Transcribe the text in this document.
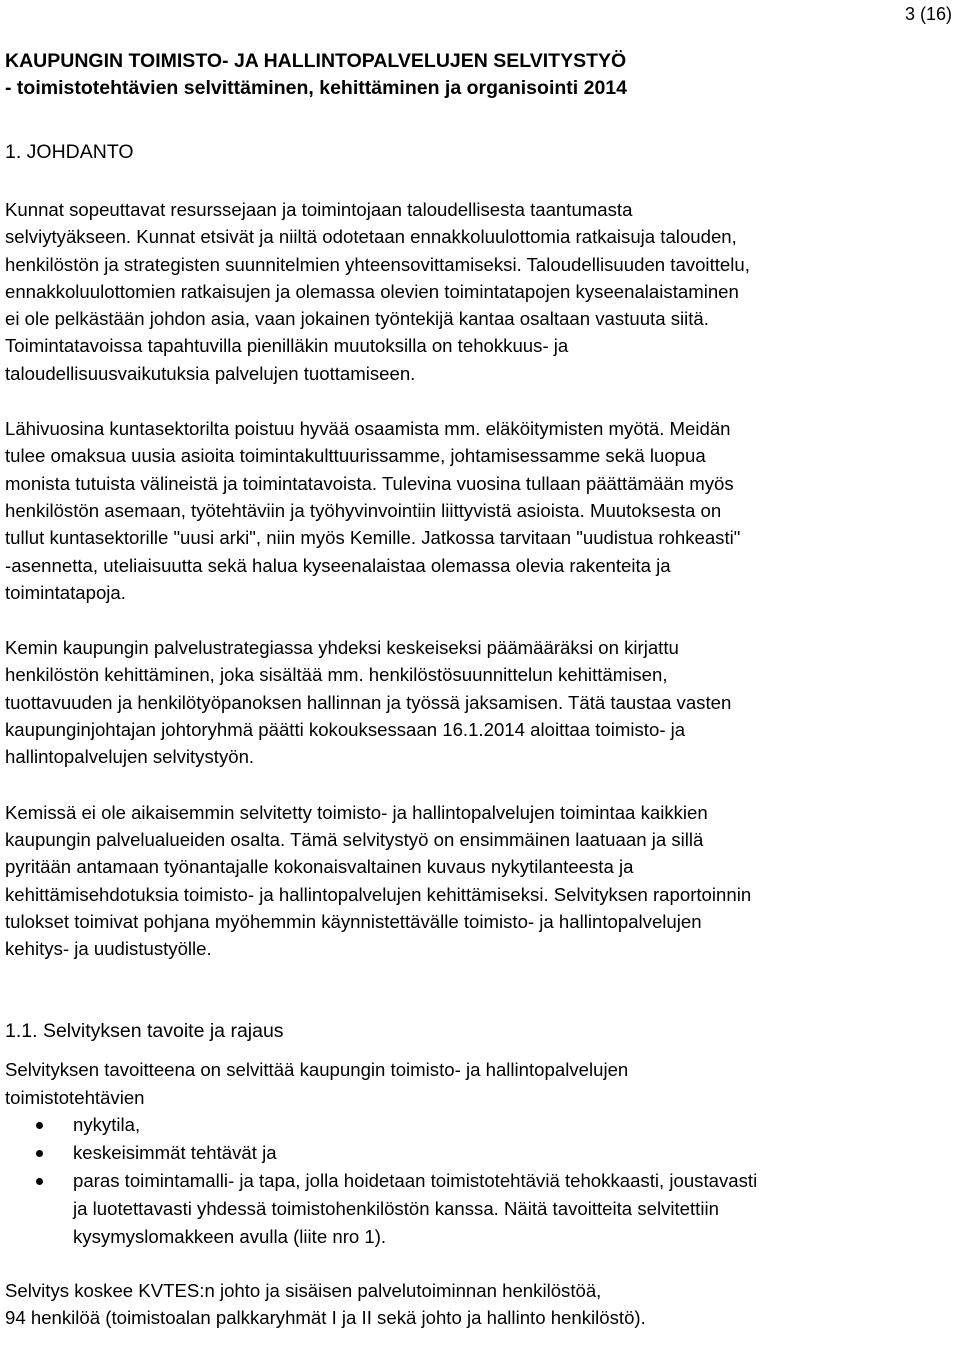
3 (16)
KAUPUNGIN TOIMISTO- JA HALLINTOPALVELUJEN SELVITYSTYÖ
- toimistotehtävien selvittäminen, kehittäminen ja organisointi 2014
1. JOHDANTO

Kunnat sopeuttavat resurssejaan ja toimintojaan taloudellisesta taantumasta
selviytyäkseen. Kunnat etsivät ja niiltä odotetaan ennakkoluulottomia ratkaisuja talouden,
henkilöstön ja strategisten suunnitelmien yhteensovittamiseksi. Taloudellisuuden tavoittelu,
ennakkoluulottomien ratkaisujen ja olemassa olevien toimintatapojen kyseenalaistaminen
ei ole pelkästään johdon asia, vaan jokainen työntekijä kantaa osaltaan vastuuta siitä.
Toimintatavoissa tapahtuvilla pienilläkin muutoksilla on tehokkuus- ja
taloudellisuusvaikutuksia palvelujen tuottamiseen.

Lähivuosina kuntasektorilta poistuu hyvää osaamista mm. eläköitymisten myötä. Meidän
tulee omaksua uusia asioita toimintakulttuurissamme, johtamisessamme sekä luopua
monista tutuista välineistä ja toimintatavoista. Tulevina vuosina tullaan päättämään myös
henkilöstön asemaan, työtehtäviin ja työhyvinvointiin liittyvistä asioista. Muutoksesta on
tullut kuntasektorille "uusi arki", niin myös Kemille. Jatkossa tarvitaan "uudistua rohkeasti"
-asennetta, uteliaisuutta sekä halua kyseenalaistaa olemassa olevia rakenteita ja
toimintatapoja.

Kemin kaupungin palvelustrategiassa yhdeksi keskeiseksi päämääräksi on kirjattu
henkilöstön kehittäminen, joka sisältää mm. henkilöstösuunnittelun kehittämisen,
tuottavuuden ja henkilötyöpanoksen hallinnan ja työssä jaksamisen. Tätä taustaa vasten
kaupunginjohtajan johtoryhmä päätti kokouksessaan 16.1.2014 aloittaa toimisto- ja
hallintopalvelujen selvitystyön.

Kemissä ei ole aikaisemmin selvitetty toimisto- ja hallintopalvelujen toimintaa kaikkien
kaupungin palvelualueiden osalta. Tämä selvitystyö on ensimmäinen laatuaan ja sillä
pyritään antamaan työnantajalle kokonaisvaltainen kuvaus nykytilanteesta ja
kehittämisehdotuksia toimisto- ja hallintopalvelujen kehittämiseksi. Selvityksen raportoinnin
tulokset toimivat pohjana myöhemmin käynnistettävälle toimisto- ja hallintopalvelujen
kehitys- ja uudistustyölle.

1.1. Selvityksen tavoite ja rajaus

Selvityksen tavoitteena on selvittää kaupungin toimisto- ja hallintopalvelujen
toimistotehtävien

nykytila,
keskeisimmät tehtävät ja
paras toimintamalli- ja tapa, jolla hoidetaan toimistotehtäviä tehokkaasti, joustavasti
ja luotettavasti yhdessä toimistohenkilöstön kanssa. Näitä tavoitteita selvitettiin
kysymyslomakkeen avulla (liite nro 1).

Selvitys koskee KVTES:n johto ja sisäisen palvelutoiminnan henkilöstöä,
94 henkilöä (toimistoalan palkkaryhmät I ja II sekä johto ja hallinto henkilöstö).
